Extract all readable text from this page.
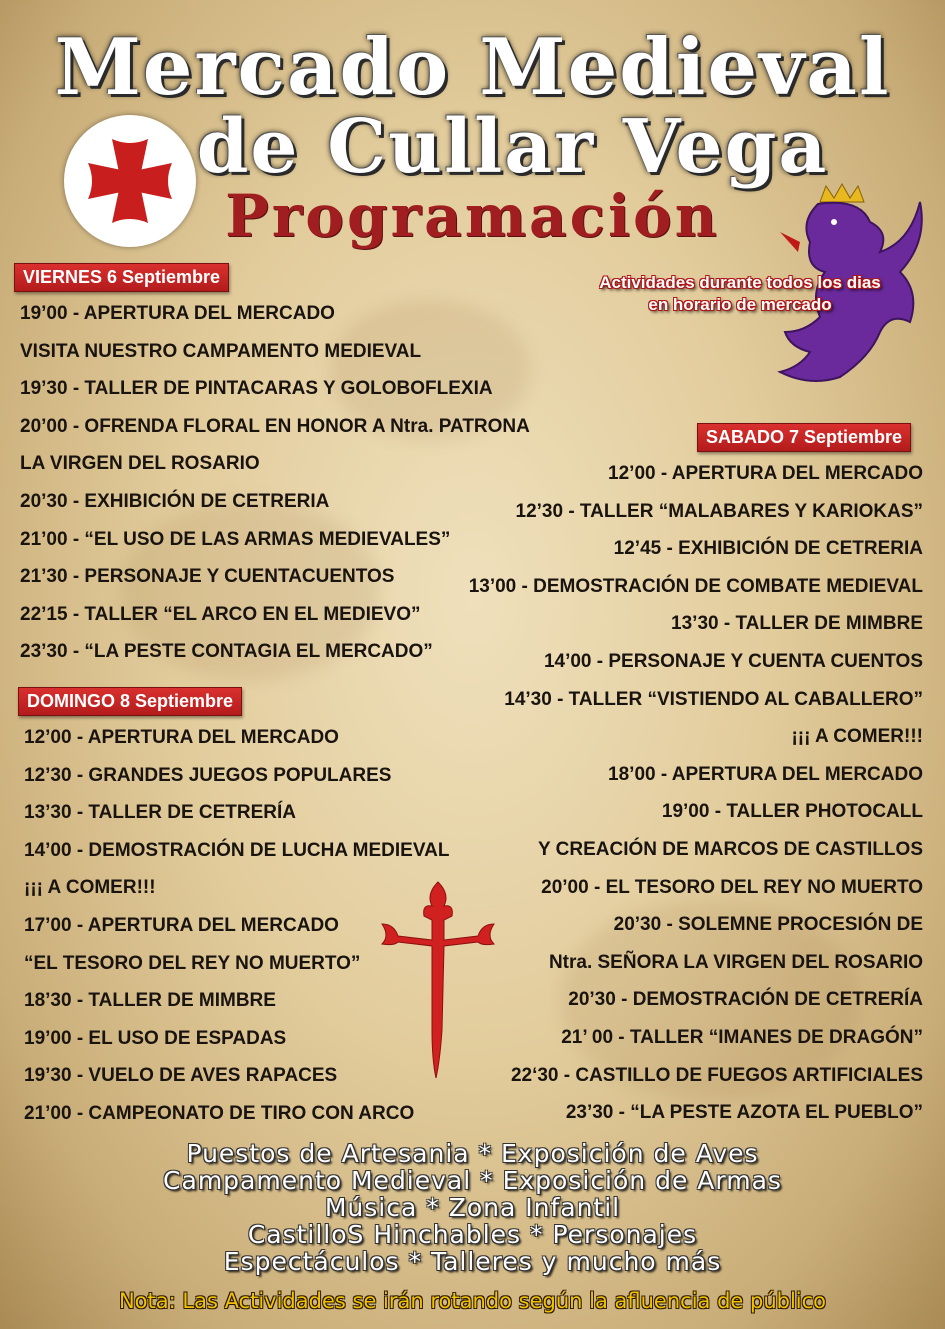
Mercado Medieval
de Cullar Vega
Programación
Actividades durante todos los dias
en horario de mercado
VIERNES 6 Septiembre
19’00 - APERTURA DEL MERCADO
VISITA NUESTRO CAMPAMENTO MEDIEVAL
19’30 - TALLER DE PINTACARAS Y GOLOBOFLEXIA
20’00 - OFRENDA FLORAL EN HONOR A Ntra. PATRONA
LA VIRGEN DEL ROSARIO
20’30 - EXHIBICIÓN DE CETRERIA
21’00 - “EL USO DE LAS ARMAS MEDIEVALES”
21’30 - PERSONAJE Y CUENTACUENTOS
22’15 - TALLER “EL ARCO EN EL MEDIEVO”
23’30 - “LA PESTE CONTAGIA EL MERCADO”
SABADO 7 Septiembre
12’00 - APERTURA DEL MERCADO
12’30 - TALLER “MALABARES Y KARIOKAS”
12’45 - EXHIBICIÓN DE CETRERIA
13’00 - DEMOSTRACIÓN DE COMBATE MEDIEVAL
13’30 - TALLER DE MIMBRE
14’00 - PERSONAJE Y CUENTA CUENTOS
14’30 - TALLER “VISTIENDO AL CABALLERO”
¡¡¡ A COMER!!!
18’00 - APERTURA DEL MERCADO
19’00 - TALLER PHOTOCALL
Y CREACIÓN DE MARCOS DE CASTILLOS
20’00 - EL TESORO DEL REY NO MUERTO
20’30 - SOLEMNE PROCESIÓN DE
Ntra. SEÑORA LA VIRGEN DEL ROSARIO
20’30 - DEMOSTRACIÓN DE CETRERÍA
21’ 00 - TALLER “IMANES DE DRAGÓN”
22‘30 - CASTILLO DE FUEGOS ARTIFICIALES
23’30 - “LA PESTE AZOTA EL PUEBLO”
DOMINGO 8 Septiembre
12’00 - APERTURA DEL MERCADO
12’30 - GRANDES JUEGOS POPULARES
13’30 - TALLER DE CETRERÍA
14’00 - DEMOSTRACIÓN DE LUCHA MEDIEVAL
¡¡¡ A COMER!!!
17’00 - APERTURA DEL MERCADO
“EL TESORO DEL REY NO MUERTO”
18’30 - TALLER DE MIMBRE
19’00 - EL USO DE ESPADAS
19’30 - VUELO DE AVES RAPACES
21’00 - CAMPEONATO DE TIRO CON ARCO
Puestos de Artesania * Exposición de Aves
Campamento Medieval * Exposición de Armas
Música * Zona Infantil
CastilloS Hinchables * Personajes
Espectáculos * Talleres y mucho más
Nota: Las Actividades se irán rotando según la afluencia de público
